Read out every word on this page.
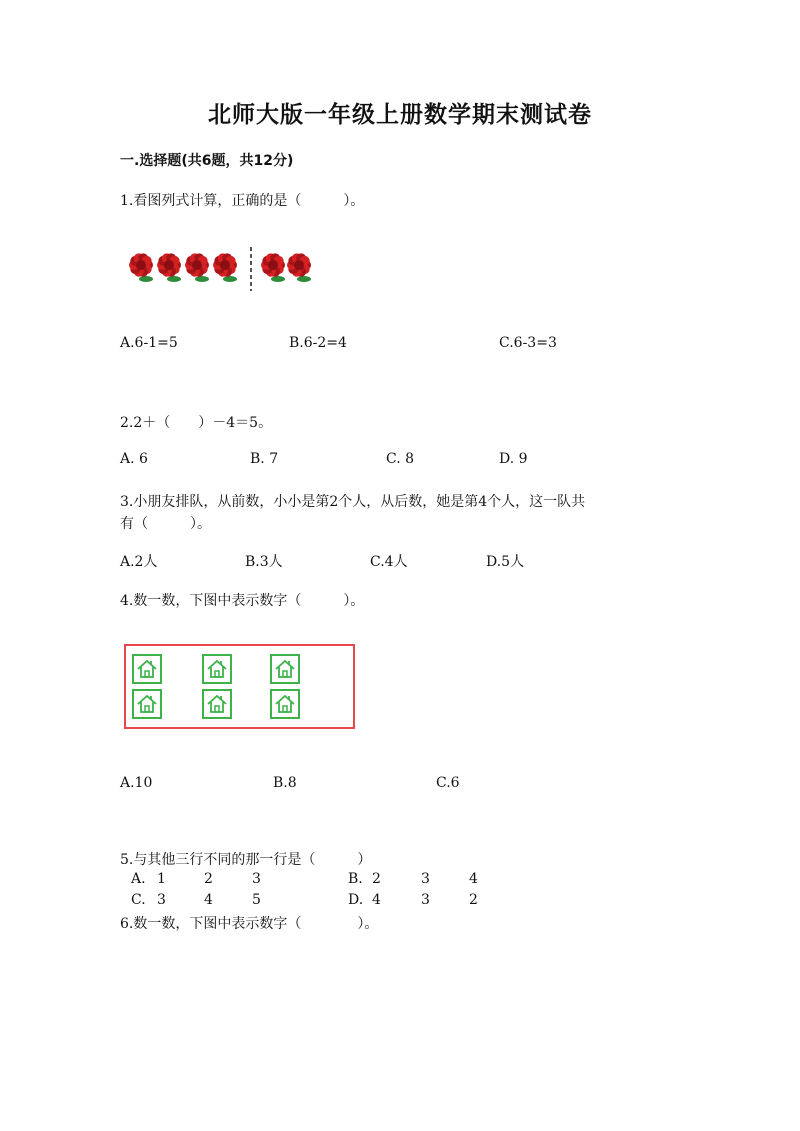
北师大版一年级上册数学期末测试卷
一.选择题(共6题，共12分)
1.看图列式计算，正确的是（　　　）。
A.6-1=5	B.6-2=4	C.6-3=3
2.2＋（　　）－4＝5。
A. 6	B. 7	C. 8	D. 9
3.小朋友排队，从前数，小小是第2个人，从后数，她是第4个人，这一队共
有（　　　）。
A.2人	B.3人	C.4人	D.5人
4.数一数，下图中表示数字（　　　）。
A.10	B.8	C.6
5.与其他三行不同的那一行是（　　　）
A. 1	2	3	B. 2	3	4
C. 3	4	5	D. 4	3	2
6.数一数，下图中表示数字（　　　　）。
